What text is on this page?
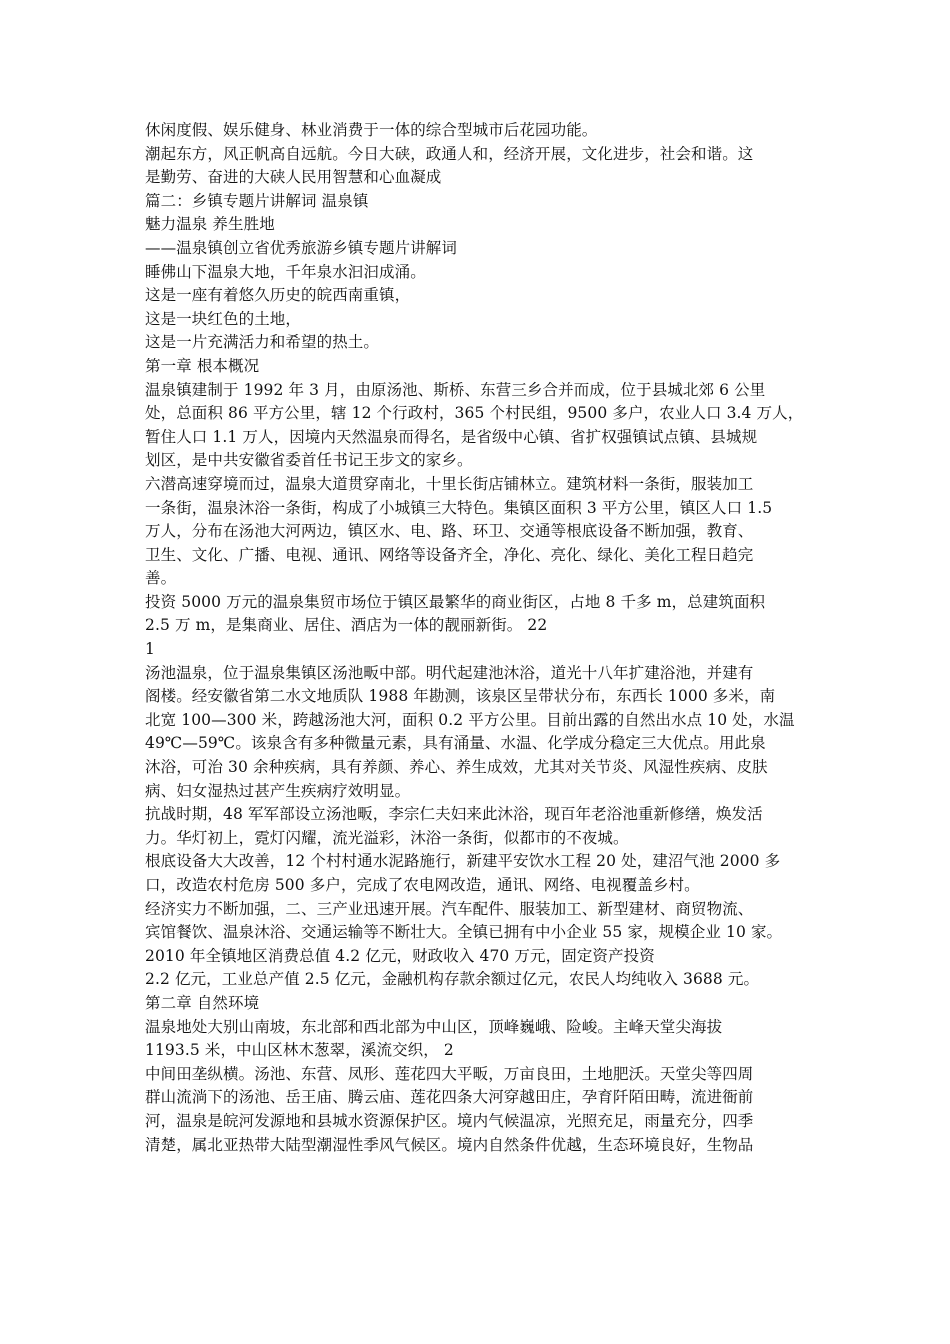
休闲度假、娱乐健身、林业消费于一体的综合型城市后花园功能。
潮起东方，风正帆高自远航。今日大硖，政通人和，经济开展，文化进步，社会和谐。这
是勤劳、奋进的大硖人民用智慧和心血凝成
篇二：乡镇专题片讲解词 温泉镇
魅力温泉 养生胜地
——温泉镇创立省优秀旅游乡镇专题片讲解词
睡佛山下温泉大地，千年泉水汩汩成涌。
这是一座有着悠久历史的皖西南重镇，
这是一块红色的土地，
这是一片充满活力和希望的热土。
第一章 根本概况
温泉镇建制于 1992 年 3 月，由原汤池、斯桥、东营三乡合并而成，位于县城北郊 6 公里
处，总面积 86 平方公里，辖 12 个行政村，365 个村民组，9500 多户，农业人口 3.4 万人，
暂住人口 1.1 万人，因境内天然温泉而得名，是省级中心镇、省扩权强镇试点镇、县城规
划区，是中共安徽省委首任书记王步文的家乡。
六潜高速穿境而过，温泉大道贯穿南北，十里长街店铺林立。建筑材料一条街，服装加工
一条街，温泉沐浴一条街，构成了小城镇三大特色。集镇区面积 3 平方公里，镇区人口 1.5
万人，分布在汤池大河两边，镇区水、电、路、环卫、交通等根底设备不断加强，教育、
卫生、文化、广播、电视、通讯、网络等设备齐全，净化、亮化、绿化、美化工程日趋完
善。
投资 5000 万元的温泉集贸市场位于镇区最繁华的商业街区，占地 8 千多 m，总建筑面积
2.5 万 m，是集商业、居住、酒店为一体的靓丽新街。 22
1
汤池温泉，位于温泉集镇区汤池畈中部。明代起建池沐浴，道光十八年扩建浴池，并建有
阁楼。经安徽省第二水文地质队 1988 年勘测，该泉区呈带状分布，东西长 1000 多米，南
北宽 100—300 米，跨越汤池大河，面积 0.2 平方公里。目前出露的自然出水点 10 处，水温
49℃—59℃。该泉含有多种微量元素，具有涌量、水温、化学成分稳定三大优点。用此泉
沐浴，可治 30 余种疾病，具有养颜、养心、养生成效，尤其对关节炎、风湿性疾病、皮肤
病、妇女湿热过甚产生疾病疗效明显。
抗战时期，48 军军部设立汤池畈，李宗仁夫妇来此沐浴，现百年老浴池重新修缮，焕发活
力。华灯初上，霓灯闪耀，流光溢彩，沐浴一条街，似都市的不夜城。
根底设备大大改善，12 个村村通水泥路施行，新建平安饮水工程 20 处，建沼气池 2000 多
口，改造农村危房 500 多户，完成了农电网改造，通讯、网络、电视覆盖乡村。
经济实力不断加强，二、三产业迅速开展。汽车配件、服装加工、新型建材、商贸物流、
宾馆餐饮、温泉沐浴、交通运输等不断壮大。全镇已拥有中小企业 55 家，规模企业 10 家。
2010 年全镇地区消费总值 4.2 亿元，财政收入 470 万元，固定资产投资
2.2 亿元，工业总产值 2.5 亿元，金融机构存款余额过亿元，农民人均纯收入 3688 元。
第二章 自然环境
温泉地处大别山南坡，东北部和西北部为中山区，顶峰巍峨、险峻。主峰天堂尖海拔
1193.5 米，中山区林木葱翠，溪流交织， 2
中间田垄纵横。汤池、东营、凤形、莲花四大平畈，万亩良田，土地肥沃。天堂尖等四周
群山流淌下的汤池、岳王庙、腾云庙、莲花四条大河穿越田庄，孕育阡陌田畴，流进衙前
河，温泉是皖河发源地和县城水资源保护区。境内气候温凉，光照充足，雨量充分，四季
清楚，属北亚热带大陆型潮湿性季风气候区。境内自然条件优越，生态环境良好，生物品
